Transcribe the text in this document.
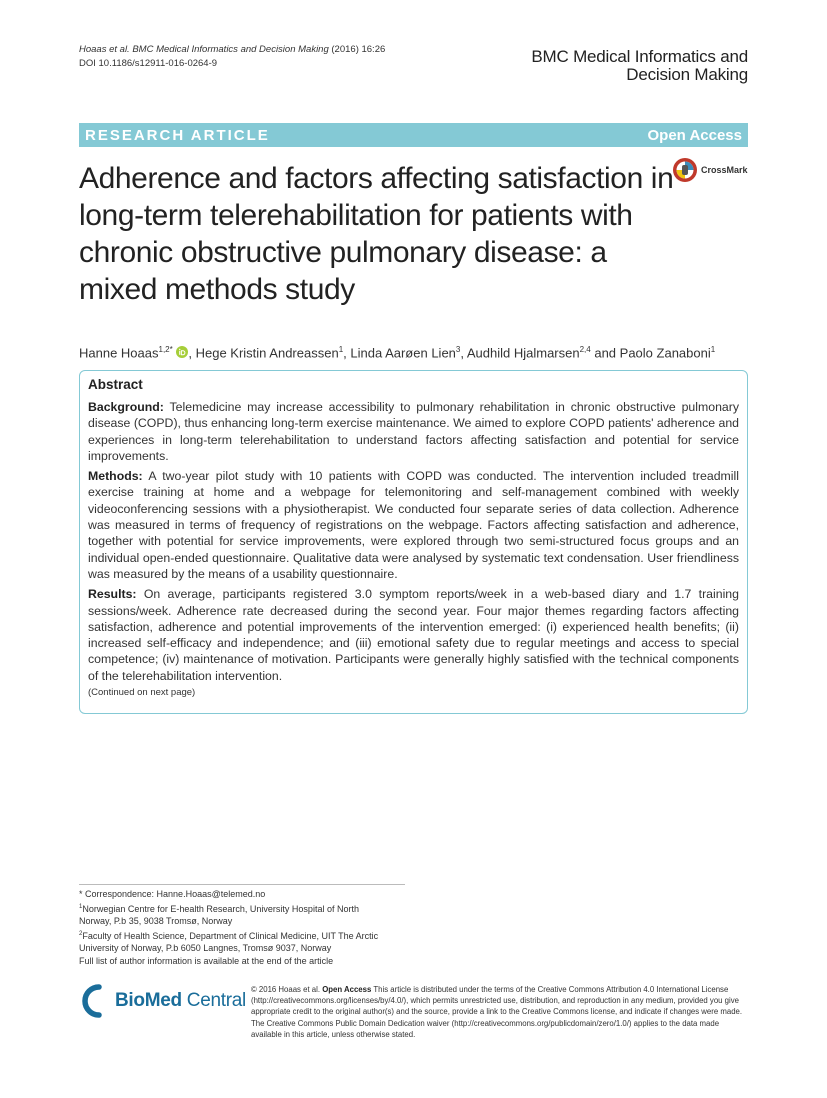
Hoaas et al. BMC Medical Informatics and Decision Making (2016) 16:26
DOI 10.1186/s12911-016-0264-9	BMC Medical Informatics and
Decision Making
RESEARCH ARTICLE	Open Access
Adherence and factors affecting satisfaction in long-term telerehabilitation for patients with chronic obstructive pulmonary disease: a mixed methods study
CrossMark
Hanne Hoaas$^{1,2*}$ , Hege Kristin Andreassen$^1$, Linda Aarøen Lien$^3$, Audhild Hjalmarsen$^{2,4}$ and Paolo Zanaboni$^1$
Abstract

Background: Telemedicine may increase accessibility to pulmonary rehabilitation in chronic obstructive pulmonary disease (COPD), thus enhancing long-term exercise maintenance. We aimed to explore COPD patients' adherence and experiences in long-term telerehabilitation to understand factors affecting satisfaction and potential for service improvements.

Methods: A two-year pilot study with 10 patients with COPD was conducted. The intervention included treadmill exercise training at home and a webpage for telemonitoring and self-management combined with weekly videoconferencing sessions with a physiotherapist. We conducted four separate series of data collection. Adherence was measured in terms of frequency of registrations on the webpage. Factors affecting satisfaction and adherence, together with potential for service improvements, were explored through two semi-structured focus groups and an individual open-ended questionnaire. Qualitative data were analysed by systematic text condensation. User friendliness was measured by the means of a usability questionnaire.

Results: On average, participants registered 3.0 symptom reports/week in a web-based diary and 1.7 training sessions/week. Adherence rate decreased during the second year. Four major themes regarding factors affecting satisfaction, adherence and potential improvements of the intervention emerged: (i) experienced health benefits; (ii) increased self-efficacy and independence; and (iii) emotional safety due to regular meetings and access to special competence; (iv) maintenance of motivation. Participants were generally highly satisfied with the technical components of the telerehabilitation intervention.

(Continued on next page)

* Correspondence: Hanne.Hoaas@telemed.no

$^1$Norwegian Centre for E-health Research, University Hospital of North
Norway, P.b 35, 9038 Tromsø, Norway

$^2$Faculty of Health Science, Department of Clinical Medicine, UIT The Arctic
University of Norway, P.b 6050 Langnes, Tromsø 9037, Norway

Full list of author information is available at the end of the article

BioMed Central
© 2016 Hoaas et al. Open Access This article is distributed under the terms of the Creative Commons Attribution 4.0 International License (http://creativecommons.org/licenses/by/4.0/), which permits unrestricted use, distribution, and reproduction in any medium, provided you give appropriate credit to the original author(s) and the source, provide a link to the Creative Commons license, and indicate if changes were made. The Creative Commons Public Domain Dedication waiver (http://creativecommons.org/publicdomain/zero/1.0/) applies to the data made available in this article, unless otherwise stated.
